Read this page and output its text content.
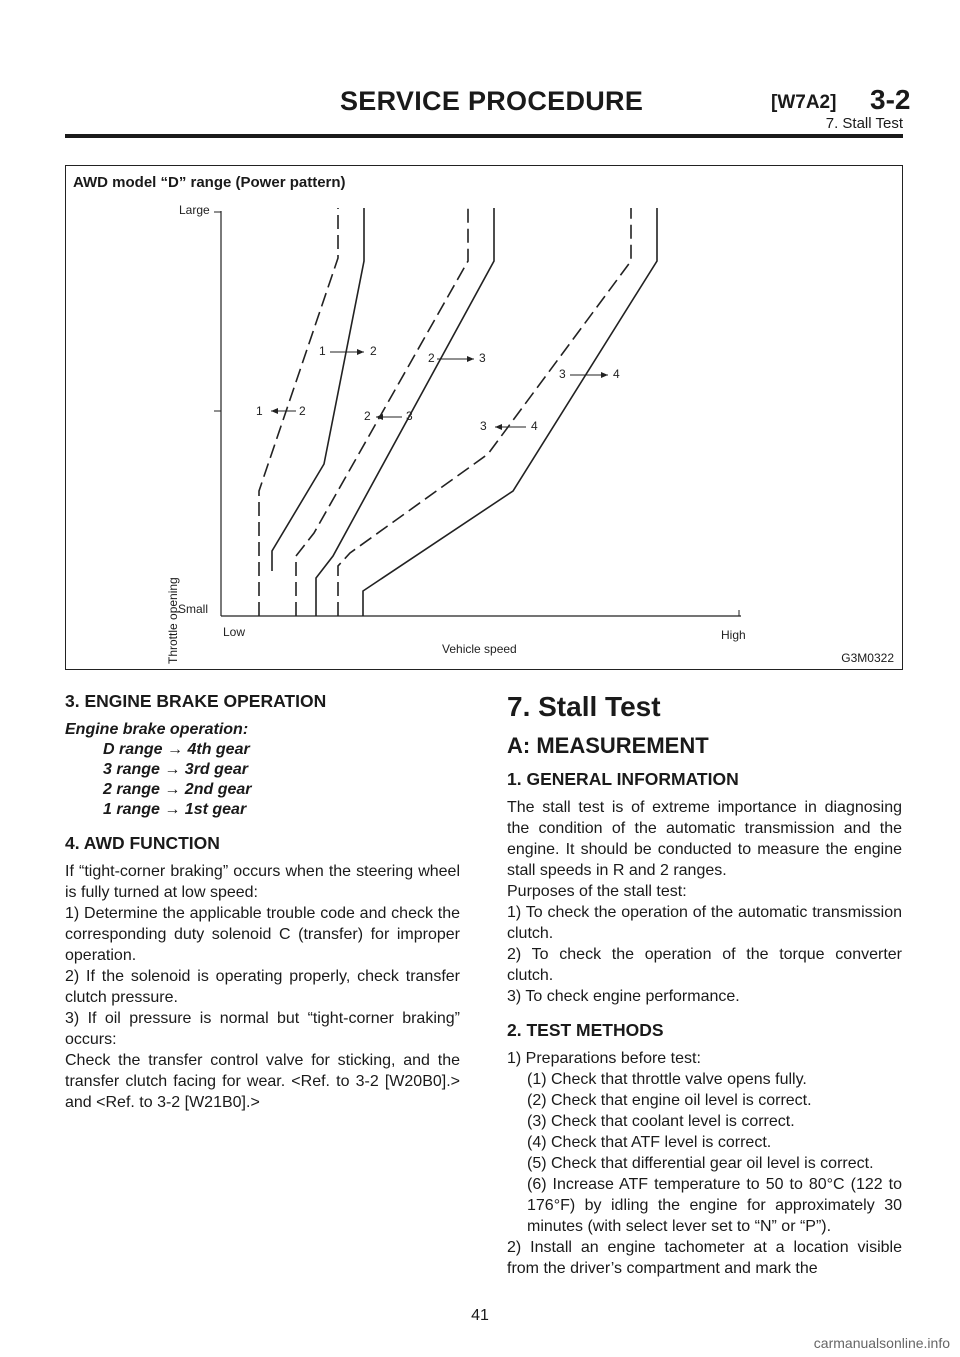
SERVICE PROCEDURE	[W7A2] 3-2
7. Stall Test
AWD model “D” range (Power pattern)
Large
Small
Throttle opening	Low	High
Vehicle speed
1	2
1	2
2	3
2	3
3	4
3	4
G3M0322
3. ENGINE BRAKE OPERATION
Engine brake operation:
D range → 4th gear
3 range → 3rd gear
2 range → 2nd gear
1 range → 1st gear
4. AWD FUNCTION

If “tight-corner braking” occurs when the steering wheel is fully turned at low speed:

1) Determine the applicable trouble code and check the corresponding duty solenoid C (transfer) for improper operation.

2) If the solenoid is operating properly, check transfer clutch pressure.

3) If oil pressure is normal but “tight-corner braking” occurs:

Check the transfer control valve for sticking, and the transfer clutch facing for wear. <Ref. to 3-2 [W20B0].> and <Ref. to 3-2 [W21B0].>

7. Stall Test
A: MEASUREMENT
1. GENERAL INFORMATION

The stall test is of extreme importance in diagnosing the condition of the automatic transmission and the engine. It should be conducted to measure the engine stall speeds in R and 2 ranges.

Purposes of the stall test:

1) To check the operation of the automatic transmission clutch.

2) To check the operation of the torque converter clutch.

3) To check engine performance.

2. TEST METHODS

1) Preparations before test:

(1) Check that throttle valve opens fully.

(2) Check that engine oil level is correct.

(3) Check that coolant level is correct.

(4) Check that ATF level is correct.

(5) Check that differential gear oil level is correct.

(6) Increase ATF temperature to 50 to 80°C (122 to 176°F) by idling the engine for approximately 30 minutes (with select lever set to “N” or “P”).

2) Install an engine tachometer at a location visible from the driver’s compartment and mark the

41
carmanualsonline.info
